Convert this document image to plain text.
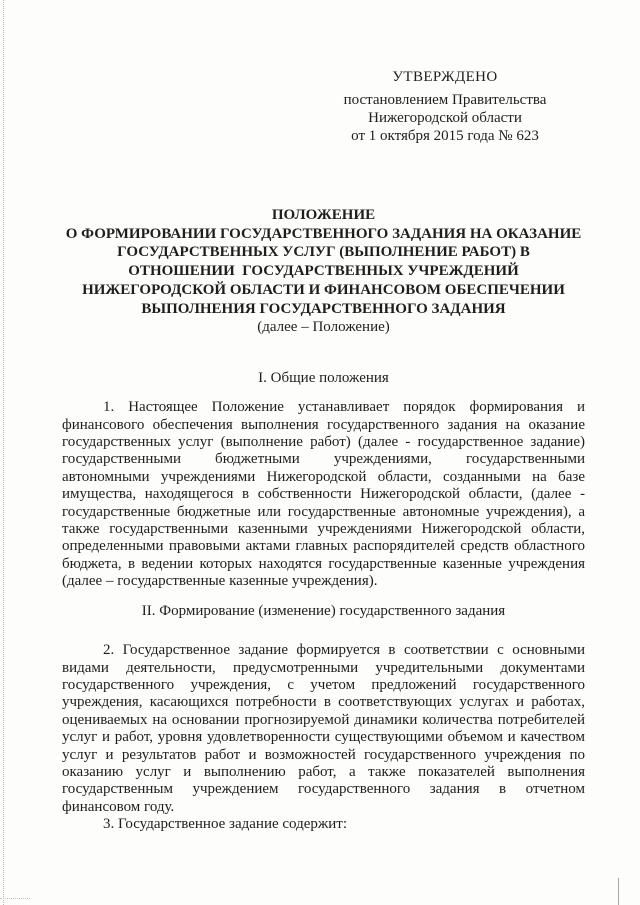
УТВЕРЖДЕНО
постановлением Правительства
Нижегородской области
от 1 октября 2015 года № 623
ПОЛОЖЕНИЕ
О ФОРМИРОВАНИИ ГОСУДАРСТВЕННОГО ЗАДАНИЯ НА ОКАЗАНИЕ
ГОСУДАРСТВЕННЫХ УСЛУГ (ВЫПОЛНЕНИЕ РАБОТ) В
ОТНОШЕНИИ  ГОСУДАРСТВЕННЫХ УЧРЕЖДЕНИЙ
НИЖЕГОРОДСКОЙ ОБЛАСТИ И ФИНАНСОВОМ ОБЕСПЕЧЕНИИ
ВЫПОЛНЕНИЯ ГОСУДАРСТВЕННОГО ЗАДАНИЯ
(далее – Положение)
I. Общие положения
1. Настоящее Положение устанавливает порядок формирования и
финансового обеспечения выполнения государственного задания на оказание
государственных услуг (выполнение работ) (далее - государственное задание)
государственными бюджетными учреждениями, государственными
автономными учреждениями Нижегородской области, созданными на базе
имущества, находящегося в собственности Нижегородской области, (далее -
государственные бюджетные или государственные автономные учреждения), а
также государственными казенными учреждениями Нижегородской области,
определенными правовыми актами главных распорядителей средств областного
бюджета, в ведении которых находятся государственные казенные учреждения
(далее – государственные казенные учреждения).
II. Формирование (изменение) государственного задания
2. Государственное задание формируется в соответствии с основными
видами деятельности, предусмотренными учредительными документами
государственного учреждения, с учетом предложений государственного
учреждения, касающихся потребности в соответствующих услугах и работах,
оцениваемых на основании прогнозируемой динамики количества потребителей
услуг и работ, уровня удовлетворенности существующими объемом и качеством
услуг и результатов работ и возможностей государственного учреждения по
оказанию услуг и выполнению работ, а также показателей выполнения
государственным учреждением государственного задания в отчетном
финансовом году.
3. Государственное задание содержит:
